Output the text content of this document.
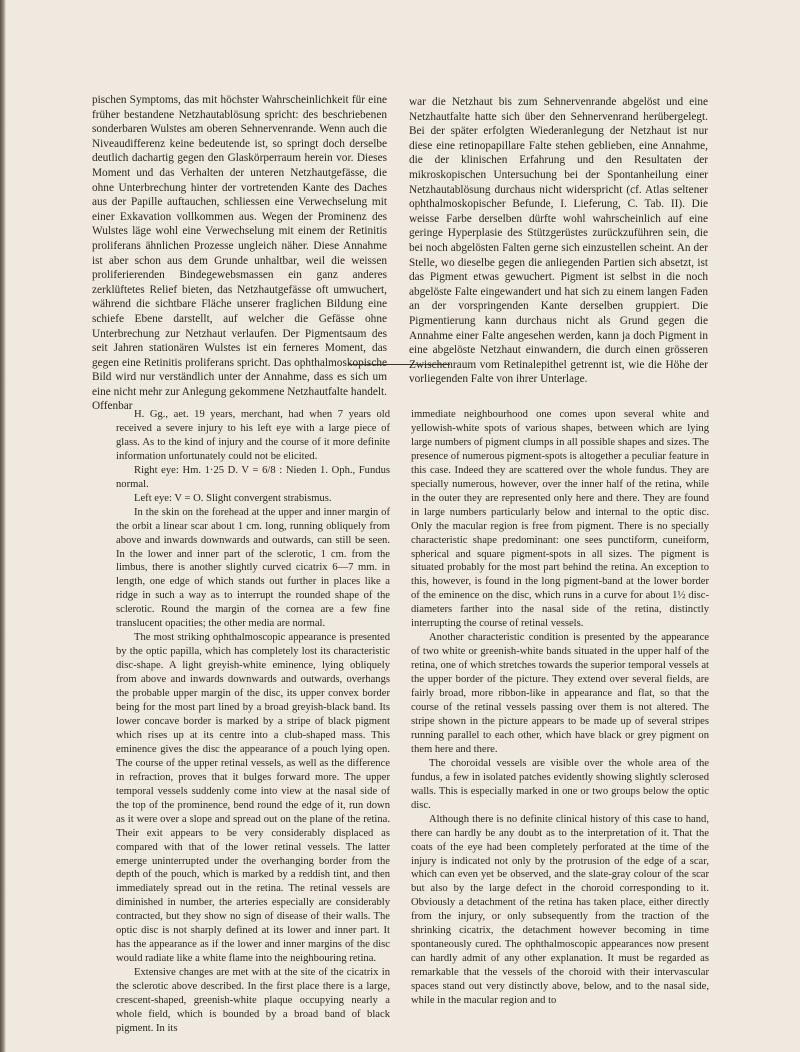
pischen Symptoms, das mit höchster Wahrscheinlichkeit für eine früher bestandene Netzhautablösung spricht: des beschriebenen sonderbaren Wulstes am oberen Sehnervenrande. Wenn auch die Niveaudifferenz keine bedeutende ist, so springt doch derselbe deutlich dachartig gegen den Glaskörperraum herein vor. Dieses Moment und das Verhalten der unteren Netzhautgefässe, die ohne Unterbrechung hinter der vortretenden Kante des Daches aus der Papille auftauchen, schliessen eine Verwechselung mit einer Exkavation vollkommen aus. Wegen der Prominenz des Wulstes läge wohl eine Verwechselung mit einem der Retinitis proliferans ähnlichen Prozesse ungleich näher. Diese Annahme ist aber schon aus dem Grunde unhaltbar, weil die weissen proliferierenden Bindegewebsmassen ein ganz anderes zerklüftetes Relief bieten, das Netzhautgefässe oft umwuchert, während die sichtbare Fläche unserer fraglichen Bildung eine schiefe Ebene darstellt, auf welcher die Gefässe ohne Unterbrechung zur Netzhaut verlaufen. Der Pigmentsaum des seit Jahren stationären Wulstes ist ein ferneres Moment, das gegen eine Retinitis proliferans spricht. Das ophthalmoskopische Bild wird nur verständlich unter der Annahme, dass es sich um eine nicht mehr zur Anlegung gekommene Netzhautfalte handelt. Offenbar

war die Netzhaut bis zum Sehnervenrande abgelöst und eine Netzhautfalte hatte sich über den Sehnervenrand herübergelegt. Bei der später erfolgten Wiederanlegung der Netzhaut ist nur diese eine retinopapillare Falte stehen geblieben, eine Annahme, die der klinischen Erfahrung und den Resultaten der mikroskopischen Untersuchung bei der Spontanheilung einer Netzhautablösung durchaus nicht widerspricht (cf. Atlas seltener ophthalmoskopischer Befunde, I. Lieferung, C. Tab. II). Die weisse Farbe derselben dürfte wohl wahrscheinlich auf eine geringe Hyperplasie des Stützgerüstes zurückzuführen sein, die bei noch abgelösten Falten gerne sich einzustellen scheint. An der Stelle, wo dieselbe gegen die anliegenden Partien sich absetzt, ist das Pigment etwas gewuchert. Pigment ist selbst in die noch abgelöste Falte eingewandert und hat sich zu einem langen Faden an der vorspringenden Kante derselben gruppiert. Die Pigmentierung kann durchaus nicht als Grund gegen die Annahme einer Falte angesehen werden, kann ja doch Pigment in eine abgelöste Netzhaut einwandern, die durch einen grösseren Zwischenraum vom Retinalepithel getrennt ist, wie die Höhe der vorliegenden Falte von ihrer Unterlage.

H. Gg., aet. 19 years, merchant, had when 7 years old received a severe injury to his left eye with a large piece of glass. As to the kind of injury and the course of it more definite information unfortunately could not be elicited.

Right eye: Hm. 1·25 D. V = 6/8 : Nieden 1. Oph., Fundus normal.

Left eye: V = O. Slight convergent strabismus.

In the skin on the forehead at the upper and inner margin of the orbit a linear scar about 1 cm. long, running obliquely from above and inwards downwards and outwards, can still be seen. In the lower and inner part of the sclerotic, 1 cm. from the limbus, there is another slightly curved cicatrix 6—7 mm. in length, one edge of which stands out further in places like a ridge in such a way as to interrupt the rounded shape of the sclerotic. Round the margin of the cornea are a few fine translucent opacities; the other media are normal.

The most striking ophthalmoscopic appearance is presented by the optic papilla, which has completely lost its characteristic disc-shape. A light greyish-white eminence, lying obliquely from above and inwards downwards and outwards, overhangs the probable upper margin of the disc, its upper convex border being for the most part lined by a broad greyish-black band. Its lower concave border is marked by a stripe of black pigment which rises up at its centre into a club-shaped mass. This eminence gives the disc the appearance of a pouch lying open. The course of the upper retinal vessels, as well as the difference in refraction, proves that it bulges forward more. The upper temporal vessels suddenly come into view at the nasal side of the top of the prominence, bend round the edge of it, run down as it were over a slope and spread out on the plane of the retina. Their exit appears to be very considerably displaced as compared with that of the lower retinal vessels. The latter emerge uninterrupted under the overhanging border from the depth of the pouch, which is marked by a reddish tint, and then immediately spread out in the retina. The retinal vessels are diminished in number, the arteries especially are considerably contracted, but they show no sign of disease of their walls. The optic disc is not sharply defined at its lower and inner part. It has the appearance as if the lower and inner margins of the disc would radiate like a white flame into the neighbouring retina.

Extensive changes are met with at the site of the cicatrix in the sclerotic above described. In the first place there is a large, crescent-shaped, greenish-white plaque occupying nearly a whole field, which is bounded by a broad band of black pigment. In its

immediate neighbourhood one comes upon several white and yellowish-white spots of various shapes, between which are lying large numbers of pigment clumps in all possible shapes and sizes. The presence of numerous pigment-spots is altogether a peculiar feature in this case. Indeed they are scattered over the whole fundus. They are specially numerous, however, over the inner half of the retina, while in the outer they are represented only here and there. They are found in large numbers particularly below and internal to the optic disc. Only the macular region is free from pigment. There is no specially characteristic shape predominant: one sees punctiform, cuneiform, spherical and square pigment-spots in all sizes. The pigment is situated probably for the most part behind the retina. An exception to this, however, is found in the long pigment-band at the lower border of the eminence on the disc, which runs in a curve for about 1½ disc-diameters farther into the nasal side of the retina, distinctly interrupting the course of retinal vessels.

Another characteristic condition is presented by the appearance of two white or greenish-white bands situated in the upper half of the retina, one of which stretches towards the superior temporal vessels at the upper border of the picture. They extend over several fields, are fairly broad, more ribbon-like in appearance and flat, so that the course of the retinal vessels passing over them is not altered. The stripe shown in the picture appears to be made up of several stripes running parallel to each other, which have black or grey pigment on them here and there.

The choroidal vessels are visible over the whole area of the fundus, a few in isolated patches evidently showing slightly sclerosed walls. This is especially marked in one or two groups below the optic disc.

Although there is no definite clinical history of this case to hand, there can hardly be any doubt as to the interpretation of it. That the coats of the eye had been completely perforated at the time of the injury is indicated not only by the protrusion of the edge of a scar, which can even yet be observed, and the slate-gray colour of the scar but also by the large defect in the choroid corresponding to it. Obviously a detachment of the retina has taken place, either directly from the injury, or only subsequently from the traction of the shrinking cicatrix, the detachment however becoming in time spontaneously cured. The ophthalmoscopic appearances now present can hardly admit of any other explanation. It must be regarded as remarkable that the vessels of the choroid with their intervascular spaces stand out very distinctly above, below, and to the nasal side, while in the macular region and to
